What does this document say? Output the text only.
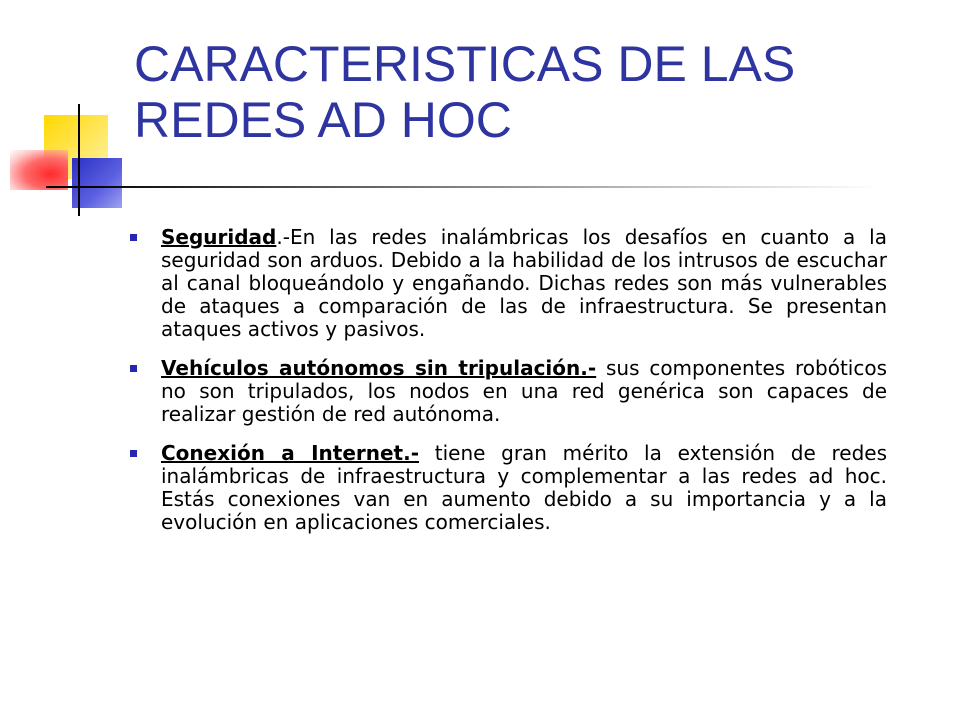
CARACTERISTICAS DE LAS
REDES AD HOC
Seguridad.-En las redes inalámbricas los desafíos en cuanto a la seguridad son arduos. Debido a la habilidad de los intrusos de escuchar al canal bloqueándolo y engañando. Dichas redes son más vulnerables de ataques a comparación de las de infraestructura. Se presentan ataques activos y pasivos.
Vehículos autónomos sin tripulación.- sus componentes robóticos no son tripulados, los nodos en una red genérica son capaces de realizar gestión de red autónoma.
Conexión a Internet.- tiene gran mérito la extensión de redes inalámbricas de infraestructura y complementar a las redes ad hoc. Estás conexiones van en aumento debido a su importancia y a la evolución en aplicaciones comerciales.
